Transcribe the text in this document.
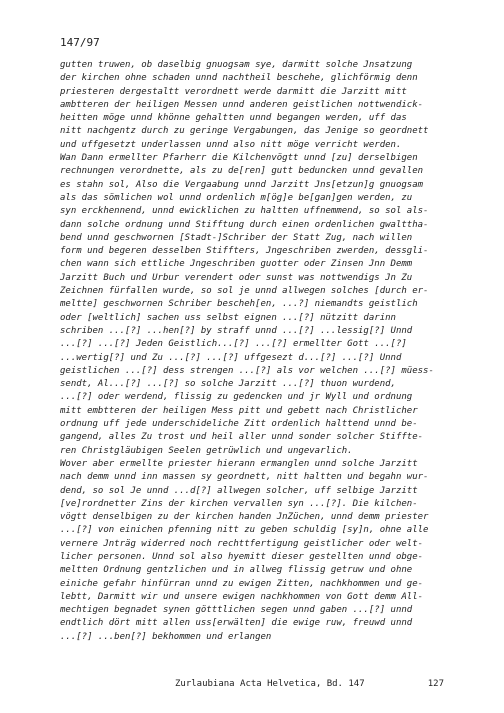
147/97
gutten truwen, ob daselbig gnuogsam sye, darmitt solche Jnsatzung
der kirchen ohne schaden unnd nachtheil beschehe, glichförmig denn
priesteren dergestaltt verordnett werde darmitt die Jarzitt mitt
ambtteren der heiligen Messen unnd anderen geistlichen nottwendick-
heitten möge unnd khönne gehaltten unnd begangen werden, uff das
nitt nachgentz durch zu geringe Vergabungen, das Jenige so geordnett
und uffgesetzt underlassen unnd also nitt möge verricht werden.
Wan Dann ermellter Pfarherr die Kilchenvögtt unnd [zu] derselbigen
rechnungen verordnette, als zu de[ren] gutt beduncken unnd gevallen
es stahn sol, Also die Vergaabung unnd Jarzitt Jns[etzun]g gnuogsam
als das sömlichen wol unnd ordenlich m[ög]e be[gan]gen werden, zu
syn erckhennend, unnd ewicklichen zu haltten uffnemmend, so sol als-
dann solche ordnung unnd Stifftung durch einen ordenlichen gwalttha-
bend unnd geschwornen [Stadt-]Schriber der Statt Zug, nach willen
form und begeren desselben Stiffters, Jngeschriben zwerden, dessgli-
chen wann sich ettliche Jngeschriben guotter oder Zinsen Jnn Demm
Jarzitt Buch und Urbur verendert oder sunst was nottwendigs Jn Zu
Zeichnen fürfallen wurde, so sol je unnd allwegen solches [durch er-
meltte] geschwornen Schriber bescheh[en, ...?] niemandts geistlich
oder [weltlich] sachen uss selbst eignen ...[?] nützitt darinn
schriben ...[?] ...hen[?] by straff unnd ...[?] ...lessig[?] Unnd
...[?] ...[?] Jeden Geistlich...[?] ...[?] ermellter Gott ...[?]
...wertig[?] und Zu ...[?] ...[?] uffgesezt d...[?] ...[?] Unnd
geistlichen ...[?] dess strengen ...[?] als vor welchen ...[?] müess-
sendt, Al...[?] ...[?] so solche Jarzitt ...[?] thuon wurdend,
...[?] oder werdend, flissig zu gedencken und jr Wyll und ordnung
mitt embtteren der heiligen Mess pitt und gebett nach Christlicher
ordnung uff jede underschideliche Zitt ordenlich halttend unnd be-
gangend, alles Zu trost und heil aller unnd sonder solcher Stiffte-
ren Christgläubigen Seelen getrüwlich und ungevarlich.
Wover aber ermellte priester hierann ermanglen unnd solche Jarzitt
nach demm unnd inn massen sy geordnett, nitt haltten und begahn wur-
dend, so sol Je unnd ...d[?] allwegen solcher, uff selbige Jarzitt
[ve]rordnetter Zins der kirchen vervallen syn ...[?]. Die kilchen-
vögtt denselbigen zu der kirchen handen JnZüchen, unnd demm priester
...[?] von einichen pfenning nitt zu geben schuldig [sy]n, ohne alle
vernere Jnträg widerred noch rechttfertigung geistlicher oder welt-
licher personen. Unnd sol also hyemitt dieser gestellten unnd obge-
meltten Ordnung gentzlichen und in allweg flissig getruw und ohne
einiche gefahr hinfürran unnd zu ewigen Zitten, nachkhommen und ge-
lebtt, Darmitt wir und unsere ewigen nachkhommen von Gott demm All-
mechtigen begnadet synen götttlichen segen unnd gaben ...[?] unnd
endtlich dört mitt allen uss[erwälten] die ewige ruw, freuwd unnd
...[?] ...ben[?] bekhommen und erlangen
Zurlaubiana Acta Helvetica, Bd. 147	127
